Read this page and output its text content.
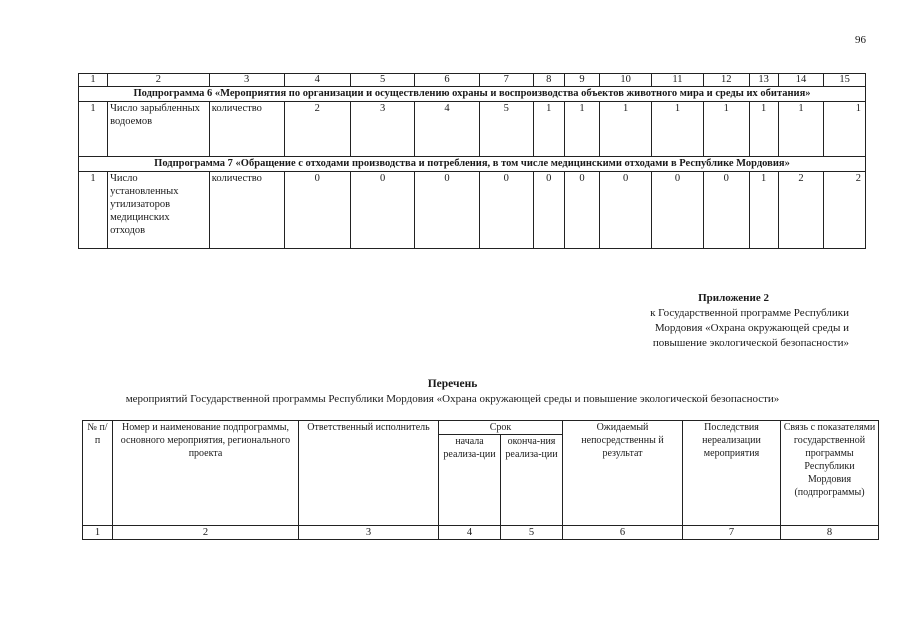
96
1	2	3	4	5	6	7	8	9	10	11	12	13	14	15
Подпрограмма 6 «Мероприятия по организации и осуществлению охраны и воспроизводства объектов животного мира и среды их обитания»														
1	Число зарыбленных водоемов	количество	2	3	4	5	1	1	1	1	1	1	1	1
Подпрограмма 7 «Обращение с отходами производства и потребления, в том числе медицинскими отходами в Республике Мордовия»														
1	Число установленных утилизаторов медицинских отходов	количество	0	0	0	0	0	0	0	0	0	1	2	2
Приложение 2
к Государственной программе Республики
Мордовия «Охрана окружающей среды и
повышение экологической безопасности»
Перечень
мероприятий Государственной программы Республики Мордовия «Охрана окружающей среды и повышение экологической безопасности»
№ п/п	Номер и наименование подпрограммы, основного мероприятия, регионального проекта	Ответственный исполнитель	Срок		Ожидаемый непосредственны й результат	Последствия нереализации мероприятия	Связь с показателями государственной программы Республики Мордовия (подпрограммы)
			начала реализа-ции	оконча-ния реализа-ции			
1	2	3	4	5	6	7	8
